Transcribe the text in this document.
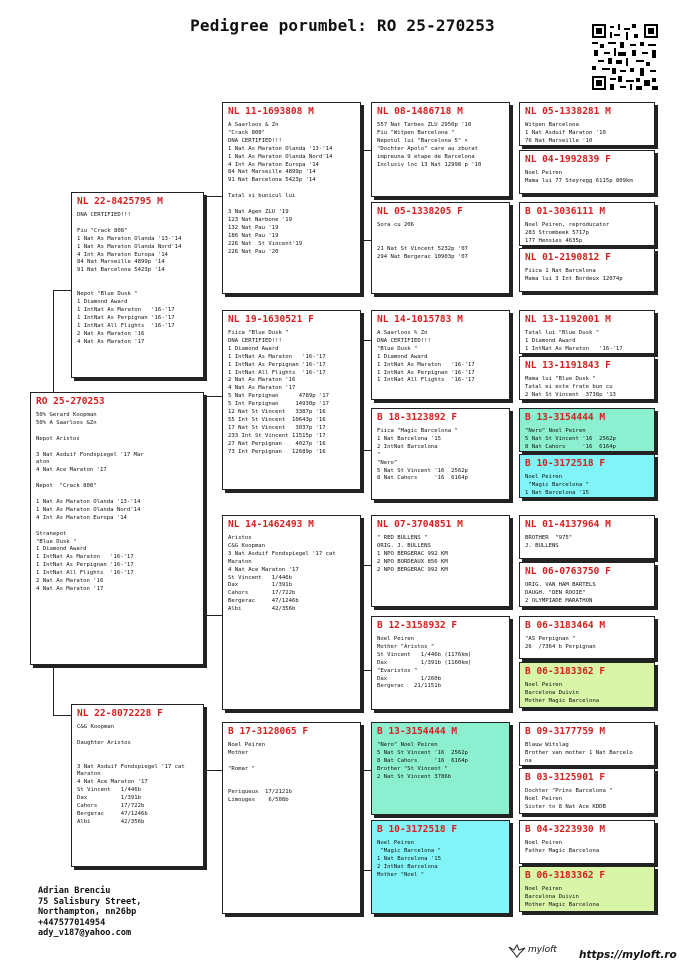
Pedigree porumbel: RO 25-270253
RO 25-270253
50% Gerard Koopman
50% A Saarloos &Zn

Nepot Aristos

3 Nat Asduif Fondspiegel '17 Mar
aton
4 Nat Ace Maraton '17

Nepot  "Crack 808"

1 Nat As Maraton Olanda '13-'14
1 Nat As Maraton Olanda Nord'14
4 Int As Maraton Europa '14

Stranepot
"Blue Dusk "
1 Diamond Award
1 IntNat As Maraton   '16-'17
1 IntNat As Perpignan '16-'17
1 IntNat All Flights  '16-'17
2 Nat As Maraton '16
4 Nat As Maraton '17
NL 22-8425795 M
DNA CERTIFIED!!!

Fiu "Crack 808"
1 Nat As Maraton Olanda '13-'14
1 Nat As Maraton Olanda Nord'14
4 Int As Maraton Europa '14
84 Nat Marseille 4899p '14
91 Nat Barcelona 5423p '14

Nepot "Blue Dusk "
1 Diamond Award
1 IntNat As Maraton   '16-'17
1 IntNat As Perpignan '16-'17
1 IntNat All Flights  '16-'17
2 Nat As Maraton '16
4 Nat As Maraton '17
NL 22-8072228 F
C&G Koopman

Daughter Aristos

3 Nat Asduif Fondspiegel '17 cat
Maraton
4 Nat Ace Maraton '17
St Vincent   1/446b
Dax          1/391b
Cahors       17/722b
Bergerac     47/1246b
Albi         42/356b
NL 11-1693808 M
A Saarloos & Zn
"Crack 808"
DNA CERTIFIED!!!
1 Nat As Maraton Olanda '13-'14
1 Nat As Maraton Olanda Nord'14
4 Int As Maraton Europa '14
84 Nat Marseille 4899p '14
91 Nat Barcelona 5423p '14

Tatal si bunicul lui

3 Nat Agen ZLU '19
123 Nat Narbone '19
132 Nat Pau '19
186 Nat Pau '19
226 Nat  St Vincent'19
226 Nat Pau '20
NL 19-1630521 F
Fiica "Blue Dusk "
DNA CERTIFIED!!!
1 Diamond Award
1 IntNat As Maraton   '16-'17
1 IntNat As Perpignan '16-'17
1 IntNat All Flights  '16-'17
2 Nat As Maraton '16
4 Nat As Maraton '17
5 Nat Perpignan      4789p '17
5 Int Perpignan     14930p '17
12 Nat St Vincent   3387p '16
55 Int St Vincent  10643p '16
17 Nat St Vincent   3037p '17
233 Int St Vincent 11515p '17
27 Nat Perpignan    4027p '16
73 Int Perpignan   12689p '16
NL 14-1462493 M
Aristos
C&G Koopman
3 Nat Asduif Fondspiegel '17 cat
Maraton
4 Nat Ace Maraton '17
St Vincent   1/446b
Dax          1/391b
Cahors       17/722b
Bergerac     47/1246b
Albi         42/356b
B 17-3128065 F
Noel Peiren
Mother

"Romar "

Periqueux  17/2121b
Limouges    6/508b
NL 08-1486718 M
557 Nat Tarbes ZLU 2950p '10
Fiu "Witpen Barcelona "
Nepotul lui "Barcelona 5" ×
"Dochter Apolo" care au zburat
impreuna 9 etape de Barcelona
Inclusiv loc 13 Nat 12998 p '10
NL 05-1338205 F
Sora cu 206

21 Nat St Vincent 5232p '07
294 Nat Bergerac 10903p '07
NL 14-1015783 M
A Saarloos % Zn
DNA CERTIFIED!!!
"Blue Dusk "
1 Diamond Award
1 IntNat As Maraton   '16-'17
1 IntNat As Perpignan '16-'17
1 IntNat All Flights  '16-'17
B 18-3123892 F
Fiica "Magic Barcelona "
1 Nat Barcelona '15
2 IntNat Barcelona
"
"Nero"
5 Nat St Vincent '16  2562p
8 Nat Cahors     '16  6164p
NL 07-3704851 M
" RED BULLENS "
ORIG. J. BULLENS
1 NPO BERGERAC 992 KM
2 NPO BORDEAUX 856 KM
2 NPO BERGERAC 992 KM
B 12-3158932 F
Noel Peiren
Mother "Aristos "
St Vincent   1/446b (1176km)
Dax          1/391b (1160km)
"Evaristos "
Dax          1/260b
Bergerac   21/1151b
B 13-3154444 M
"Nero" Noel Peiren
5 Nat St Vincent '16  2562p
8 Nat Cahors     '16  6164p
Brother "St Vincent "
2 Nat St Vincent 3786b
B 10-3172518 F
Noel Peiren
"Magic Barcelona "
1 Nat Barcelona '15
2 IntNat Barcelona
Mother "Noel "
NL 05-1338281 M
Witpen Barcelona
1 Nat Asduif Maraton '10
76 Nat Marseille '10
NL 04-1992839 F
Noel Peiren
Mama lui 77 Steyregg 6115p 809km
B 01-3036111 M
Noel Peiren, reproducator
283 Strombeek 5717p
177 Hensies 4635p
NL 01-2190812 F
Fiica 1 Nat Barcelona
Mama lui 3 Int Bordeux 12074p
NL 13-1192001 M
Tatal lui "Blue Dusk "
1 Diamond Award
1 IntNat As Maraton   '16-'17
NL 13-1191843 F
Mama lui "Blue Dusk "
Tatal ei este frate bun cu
2 Nat St Vincent  3738p '13
B 13-3154444 M
"Nero" Noel Peiren
5 Nat St Vincent '16  2562p
8 Nat Cahors     '16  6164p
B 10-3172518 F
Noel Peiren
"Magic Barcelona "
1 Nat Barcelona '15
NL 01-4137964 M
BROTHER  "975"
J. BULLENS
NL 06-0763750 F
ORIG. VAN HAM BARTELS
DAUGH. "DEN ROOIE"
2 OLYMPIADE MARATHON
B 06-3183464 M
"AS Perpignan "
26  /7364 b Perpignan
B 06-3183362 F
Noel Peiren
Barcelona Duivin
Mother Magic Barcelona
B 09-3177759 M
Blauw Witslag
Brother van mother 1 Nat Barcelo
na
B 03-3125901 F
Dochter "Prins Barcelona "
Noel Peiren
Sister to 8 Nat Ace KDDB
B 04-3223930 M
Noel Peiren
Father Magic Barcelona
B 06-3183362 F
Noel Peiren
Barcelona Duivin
Mother Magic Barcelona
Adrian Brenciu
75 Salisbury Street,
Northampton, nn26bp
+447577014954
ady_v187@yahoo.com
myloft https://myloft.ro
